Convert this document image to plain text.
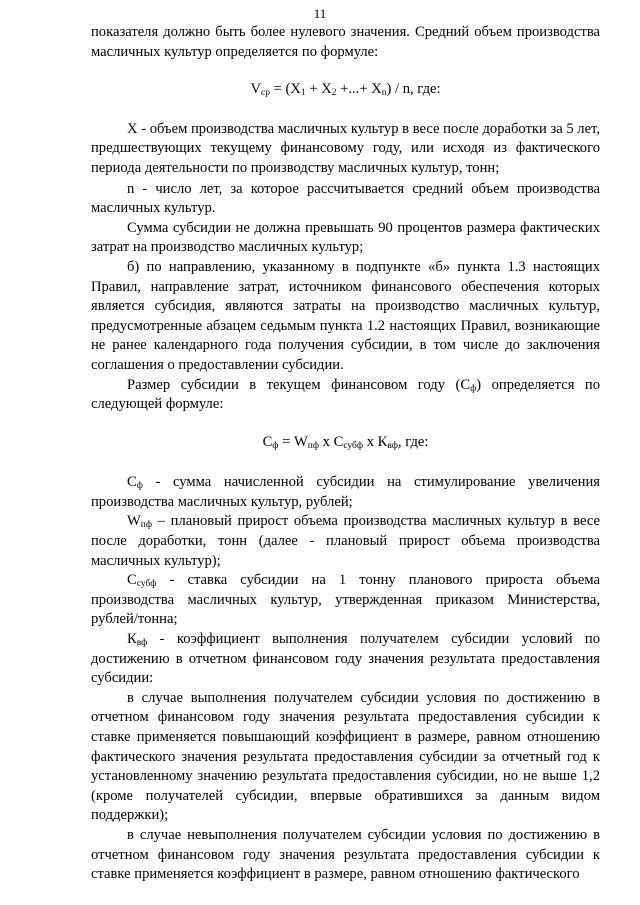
11

показателя должно быть более нулевого значения. Средний объем производства масличных культур определяется по формуле:

$V_{ср} = (X_1 + X_2$ +...+ $X_n$) / n, где:

X - объем производства масличных культур в весе после доработки за 5 лет, предшествующих текущему финансовому году, или исходя из фактического периода деятельности по производству масличных культур, тонн;

n - число лет, за которое рассчитывается средний объем производства масличных культур.

Сумма субсидии не должна превышать 90 процентов размера фактических затрат на производство масличных культур;

б) по направлению, указанному в подпункте «б» пункта 1.3 настоящих Правил, направление затрат, источником финансового обеспечения которых является субсидия, являются затраты на производство масличных культур, предусмотренные абзацем седьмым пункта 1.2 настоящих Правил, возникающие не ранее календарного года получения субсидии, в том числе до заключения соглашения о предоставлении субсидии.

Размер субсидии в текущем финансовом году $(С_ф)$ определяется по следующей формуле:

$С_ф = W_{пф}$ х $С_{субф}$ х $К_{вф}$, где:

$С_ф$ - сумма начисленной субсидии на стимулирование увеличения производства масличных культур, рублей;

$W_{пф}$ – плановый прирост объема производства масличных культур в весе после доработки, тонн (далее - плановый прирост объема производства масличных культур);

$С_{субф}$ - ставка субсидии на 1 тонну планового прироста объема производства масличных культур, утвержденная приказом Министерства, рублей/тонна;

$К_{вф}$ - коэффициент выполнения получателем субсидии условий по достижению в отчетном финансовом году значения результата предоставления субсидии:

в случае выполнения получателем субсидии условия по достижению в отчетном финансовом году значения результата предоставления субсидии к ставке применяется повышающий коэффициент в размере, равном отношению фактического значения результата предоставления субсидии за отчетный год к установленному значению результата предоставления субсидии, но не выше 1,2 (кроме получателей субсидии, впервые обратившихся за данным видом поддержки);

в случае невыполнения получателем субсидии условия по достижению в отчетном финансовом году значения результата предоставления субсидии к ставке применяется коэффициент в размере, равном отношению фактического
